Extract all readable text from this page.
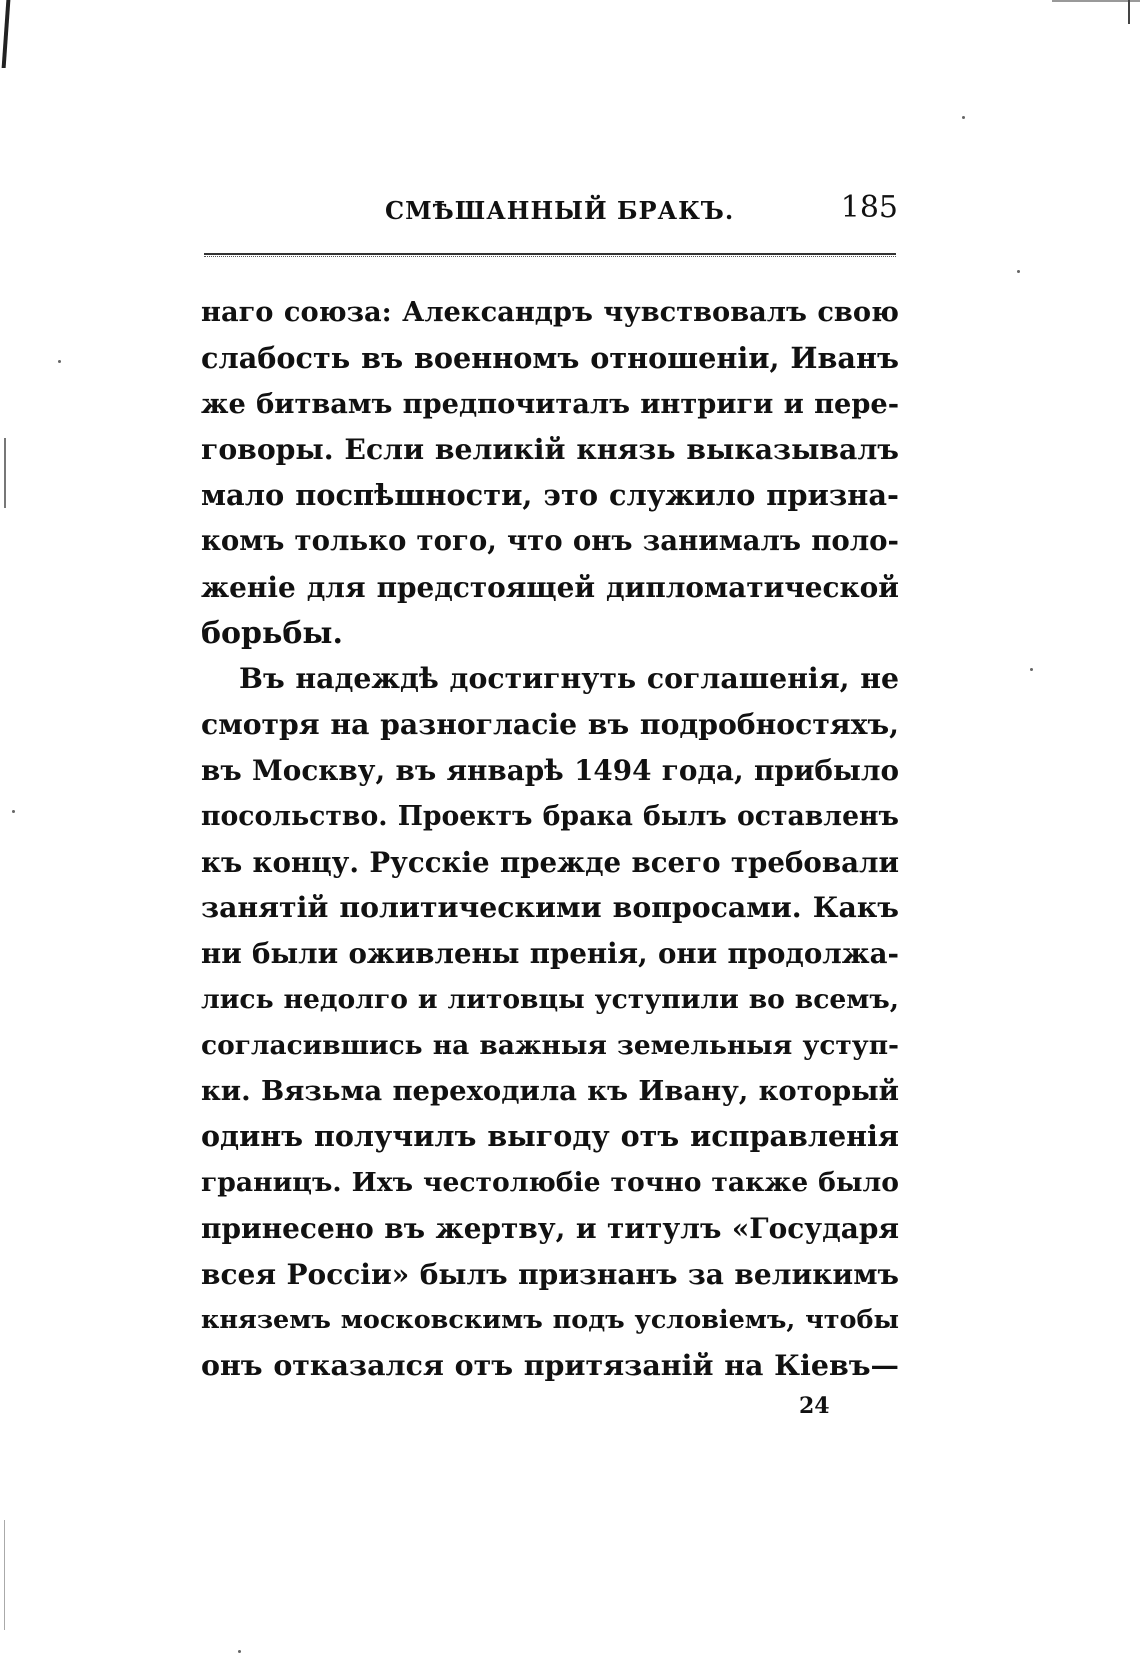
СМѢШАННЫЙ БРАКЪ.	185
наго союза: Александръ чувствовалъ свою
слабость въ военномъ отношеніи, Иванъ
же битвамъ предпочиталъ интриги и пере-
говоры. Если великій князь выказывалъ
мало поспѣшности, это служило призна-
комъ только того, что онъ занималъ поло-
женіе для предстоящей дипломатической
борьбы.
Въ надеждѣ достигнуть соглашенія, не
смотря на разногласіе въ подробностяхъ,
въ Москву, въ январѣ 1494 года, прибыло
посольство. Проектъ брака былъ оставленъ
къ концу. Русскіе прежде всего требовали
занятій политическими вопросами. Какъ
ни были оживлены пренія, они продолжа-
лись недолго и литовцы уступили во всемъ,
согласившись на важныя земельныя уступ-
ки. Вязьма переходила къ Ивану, который
одинъ получилъ выгоду отъ исправленія
границъ. Ихъ честолюбіе точно также было
принесено въ жертву, и титулъ «Государя
всея Россіи» былъ признанъ за великимъ
княземъ московскимъ подъ условіемъ, чтобы
онъ отказался отъ притязаній на Кіевъ—
24
